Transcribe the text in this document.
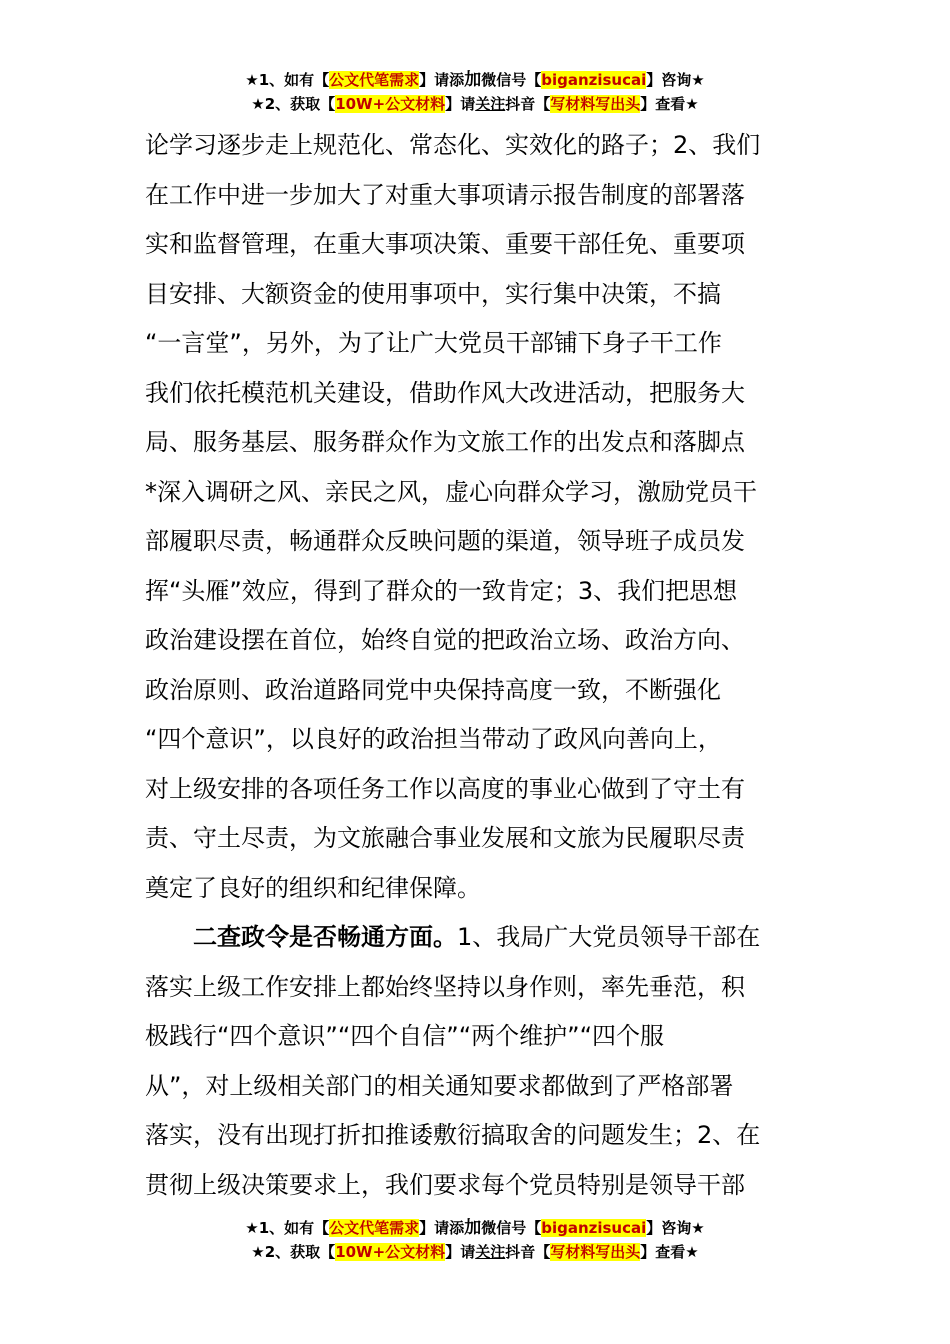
★1、如有【公文代笔需求】请添加微信号【biganzisucai】咨询★
★2、获取【10W+公文材料】请关注抖音【写材料写出头】查看★
论学习逐步走上规范化、常态化、实效化的路子；2、我们
在工作中进一步加大了对重大事项请示报告制度的部署落
实和监督管理，在重大事项决策、重要干部任免、重要项
目安排、大额资金的使用事项中，实行集中决策，不搞
“一言堂”，另外，为了让广大党员干部铺下身子干工作
我们依托模范机关建设，借助作风大改进活动，把服务大
局、服务基层、服务群众作为文旅工作的出发点和落脚点
*深入调研之风、亲民之风，虚心向群众学习，激励党员干
部履职尽责，畅通群众反映问题的渠道，领导班子成员发
挥“头雁”效应，得到了群众的一致肯定；3、我们把思想
政治建设摆在首位，始终自觉的把政治立场、政治方向、
政治原则、政治道路同党中央保持高度一致，不断强化
“四个意识”，以良好的政治担当带动了政风向善向上，
对上级安排的各项任务工作以高度的事业心做到了守土有
责、守土尽责，为文旅融合事业发展和文旅为民履职尽责
奠定了良好的组织和纪律保障。
二查政令是否畅通方面。1、我局广大党员领导干部在
落实上级工作安排上都始终坚持以身作则，率先垂范，积
极践行“四个意识”“四个自信”“两个维护”“四个服
从”，对上级相关部门的相关通知要求都做到了严格部署
落实，没有出现打折扣推诿敷衍搞取舍的问题发生；2、在
贯彻上级决策要求上，我们要求每个党员特别是领导干部
★1、如有【公文代笔需求】请添加微信号【biganzisucai】咨询★
★2、获取【10W+公文材料】请关注抖音【写材料写出头】查看★
